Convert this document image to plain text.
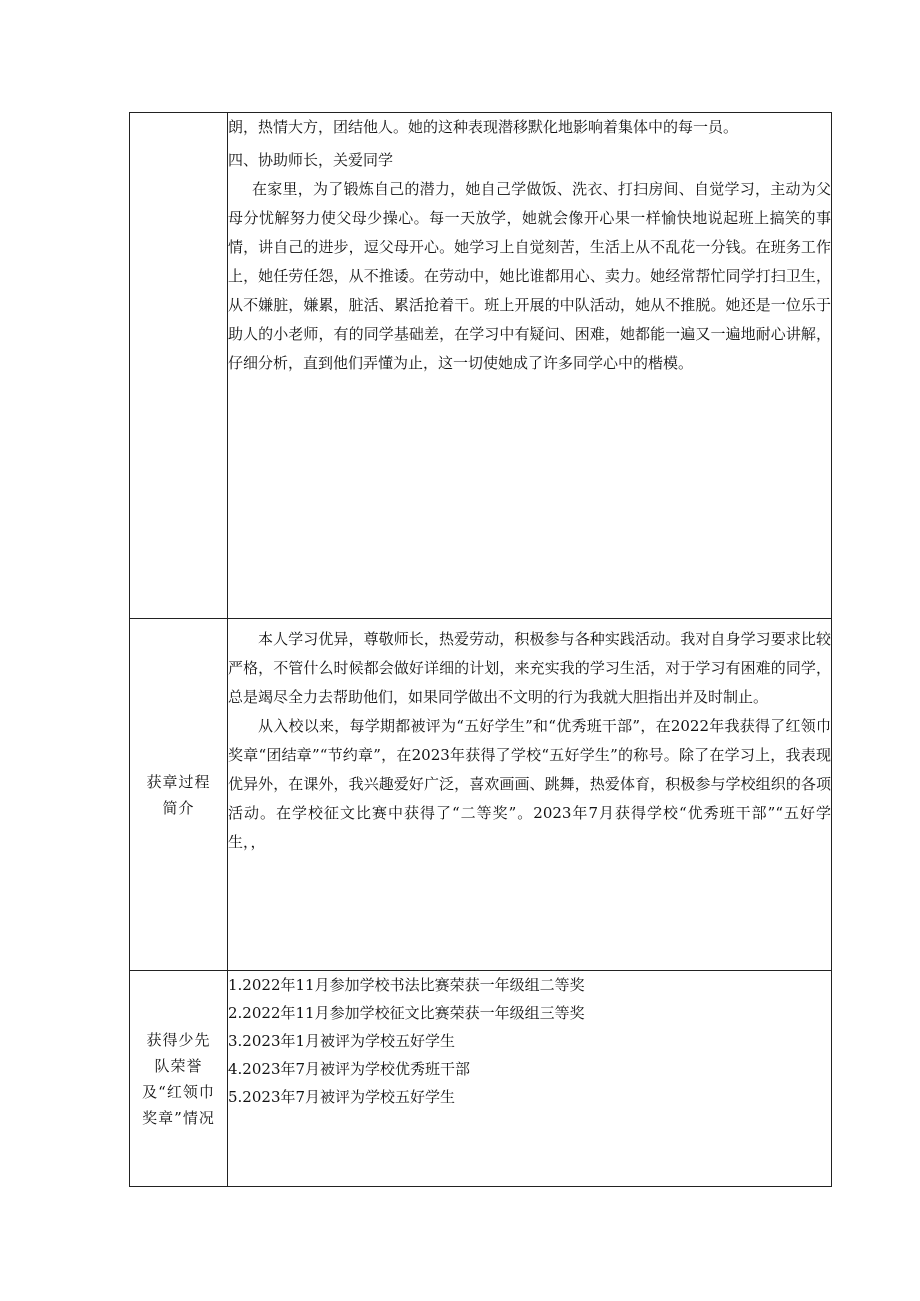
	朗，热情大方，团结他人。她的这种表现潜移默化地影响着集体中的每一员。

四、协助师长，关爱同学

在家里，为了锻炼自己的潜力，她自己学做饭、洗衣、打扫房间、自觉学习，主动为父母分忧解努力使父母少操心。每一天放学，她就会像开心果一样愉快地说起班上搞笑的事情，讲自己的进步，逗父母开心。她学习上自觉刻苦，生活上从不乱花一分钱。在班务工作上，她任劳任怨，从不推诿。在劳动中，她比谁都用心、卖力。她经常帮忙同学打扫卫生，从不嫌脏，嫌累，脏活、累活抢着干。班上开展的中队活动，她从不推脱。她还是一位乐于助人的小老师，有的同学基础差，在学习中有疑问、困难，她都能一遍又一遍地耐心讲解，仔细分析，直到他们弄懂为止，这一切使她成了许多同学心中的楷模。

获章过程简介	本人学习优异，尊敬师长，热爱劳动，积极参与各种实践活动。我对自身学习要求比较严格，不管什么时候都会做好详细的计划，来充实我的学习生活，对于学习有困难的同学，总是竭尽全力去帮助他们，如果同学做出不文明的行为我就大胆指出并及时制止。

从入校以来，每学期都被评为“五好学生”和“优秀班干部”，在2022年我获得了红领巾奖章“团结章”“节约章”，在2023年获得了学校“五好学生”的称号。除了在学习上，我表现优异外，在课外，我兴趣爱好广泛，喜欢画画、跳舞，热爱体育，积极参与学校组织的各项活动。在学校征文比赛中获得了“二等奖”。2023年7月获得学校“优秀班干部”“五好学生，，

获得少先队荣誉及“红领巾奖章”情况	1.2022年11月参加学校书法比赛荣获一年级组二等奖

2.2022年11月参加学校征文比赛荣获一年级组三等奖

3.2023年1月被评为学校五好学生

4.2023年7月被评为学校优秀班干部

5.2023年7月被评为学校五好学生
